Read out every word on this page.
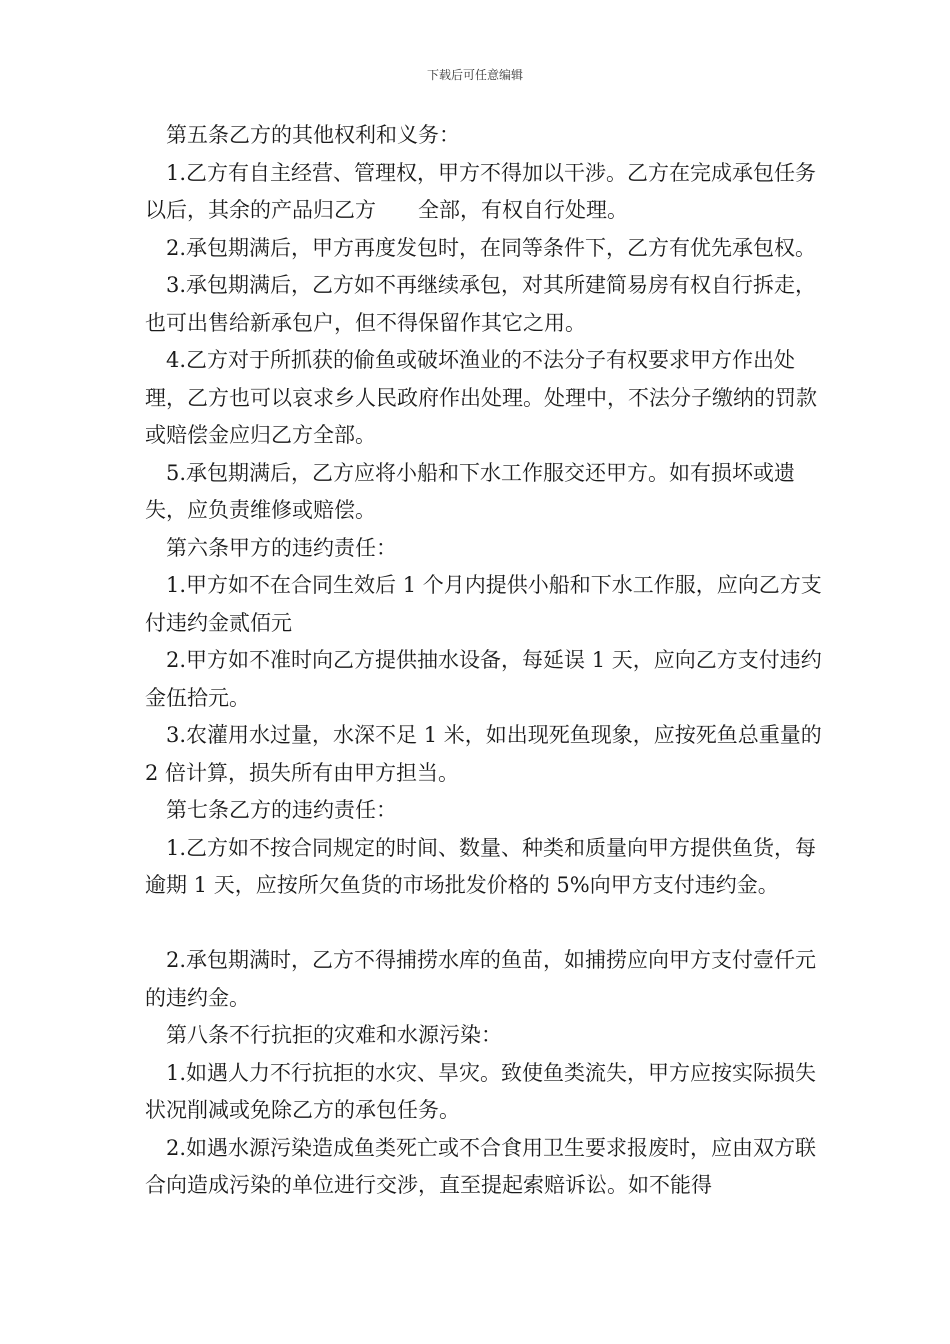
下载后可任意编辑

第五条乙方的其他权利和义务：

1.乙方有自主经营、管理权，甲方不得加以干涉。乙方在完成承包任务以后，其余的产品归乙方　　全部，有权自行处理。

2.承包期满后，甲方再度发包时，在同等条件下，乙方有优先承包权。

3.承包期满后，乙方如不再继续承包，对其所建简易房有权自行拆走，也可出售给新承包户，但不得保留作其它之用。

4.乙方对于所抓获的偷鱼或破坏渔业的不法分子有权要求甲方作出处理，乙方也可以哀求乡人民政府作出处理。处理中，不法分子缴纳的罚款或赔偿金应归乙方全部。

5.承包期满后，乙方应将小船和下水工作服交还甲方。如有损坏或遗失，应负责维修或赔偿。

第六条甲方的违约责任：

1.甲方如不在合同生效后 1 个月内提供小船和下水工作服，应向乙方支付违约金贰佰元

2.甲方如不准时向乙方提供抽水设备，每延误 1 天，应向乙方支付违约金伍拾元。

3.农灌用水过量，水深不足 1 米，如出现死鱼现象，应按死鱼总重量的 2 倍计算，损失所有由甲方担当。

第七条乙方的违约责任：

1.乙方如不按合同规定的时间、数量、种类和质量向甲方提供鱼货，每逾期 1 天，应按所欠鱼货的市场批发价格的 5%向甲方支付违约金。

2.承包期满时，乙方不得捕捞水库的鱼苗，如捕捞应向甲方支付壹仟元的违约金。

第八条不行抗拒的灾难和水源污染：

1.如遇人力不行抗拒的水灾、旱灾。致使鱼类流失，甲方应按实际损失状况削减或免除乙方的承包任务。

2.如遇水源污染造成鱼类死亡或不合食用卫生要求报废时，应由双方联合向造成污染的单位进行交涉，直至提起索赔诉讼。如不能得
